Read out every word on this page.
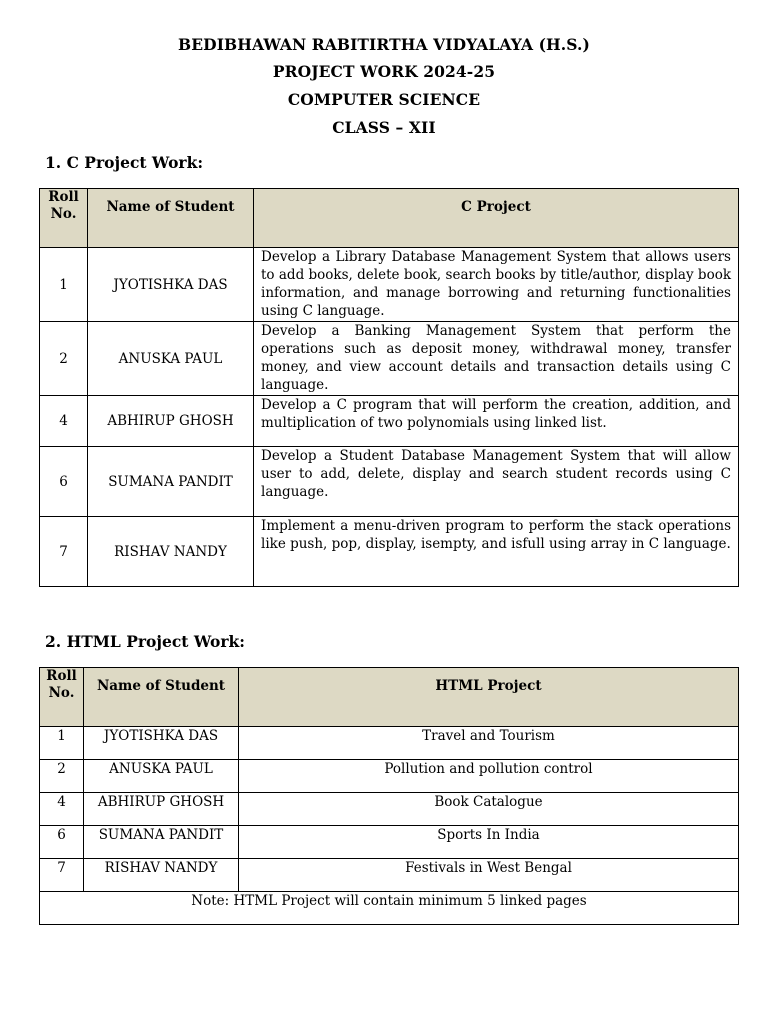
BEDIBHAWAN RABITIRTHA VIDYALAYA (H.S.)
PROJECT WORK 2024-25
COMPUTER SCIENCE
CLASS – XII
1. C Project Work:
Roll
No.	Name of Student	C Project
1	JYOTISHKA DAS	Develop a Library Database Management System that allows users to add books, delete book, search books by title/author, display book information, and manage borrowing and returning functionalities using C language.
2	ANUSKA PAUL	Develop a Banking Management System that perform the operations such as deposit money, withdrawal money, transfer money, and view account details and transaction details using C language.
4	ABHIRUP GHOSH	Develop a C program that will perform the creation, addition, and multiplication of two polynomials using linked list.
6	SUMANA PANDIT	Develop a Student Database Management System that will allow user to add, delete, display and search student records using C language.
7	RISHAV NANDY	Implement a menu-driven program to perform the stack operations like push, pop, display, isempty, and isfull using array in C language.
2. HTML Project Work:
Roll
No.	Name of Student	HTML Project
1	JYOTISHKA DAS	Travel and Tourism
2	ANUSKA PAUL	Pollution and pollution control
4	ABHIRUP GHOSH	Book Catalogue
6	SUMANA PANDIT	Sports In India
7	RISHAV NANDY	Festivals in West Bengal
Note: HTML Project will contain minimum 5 linked pages		
